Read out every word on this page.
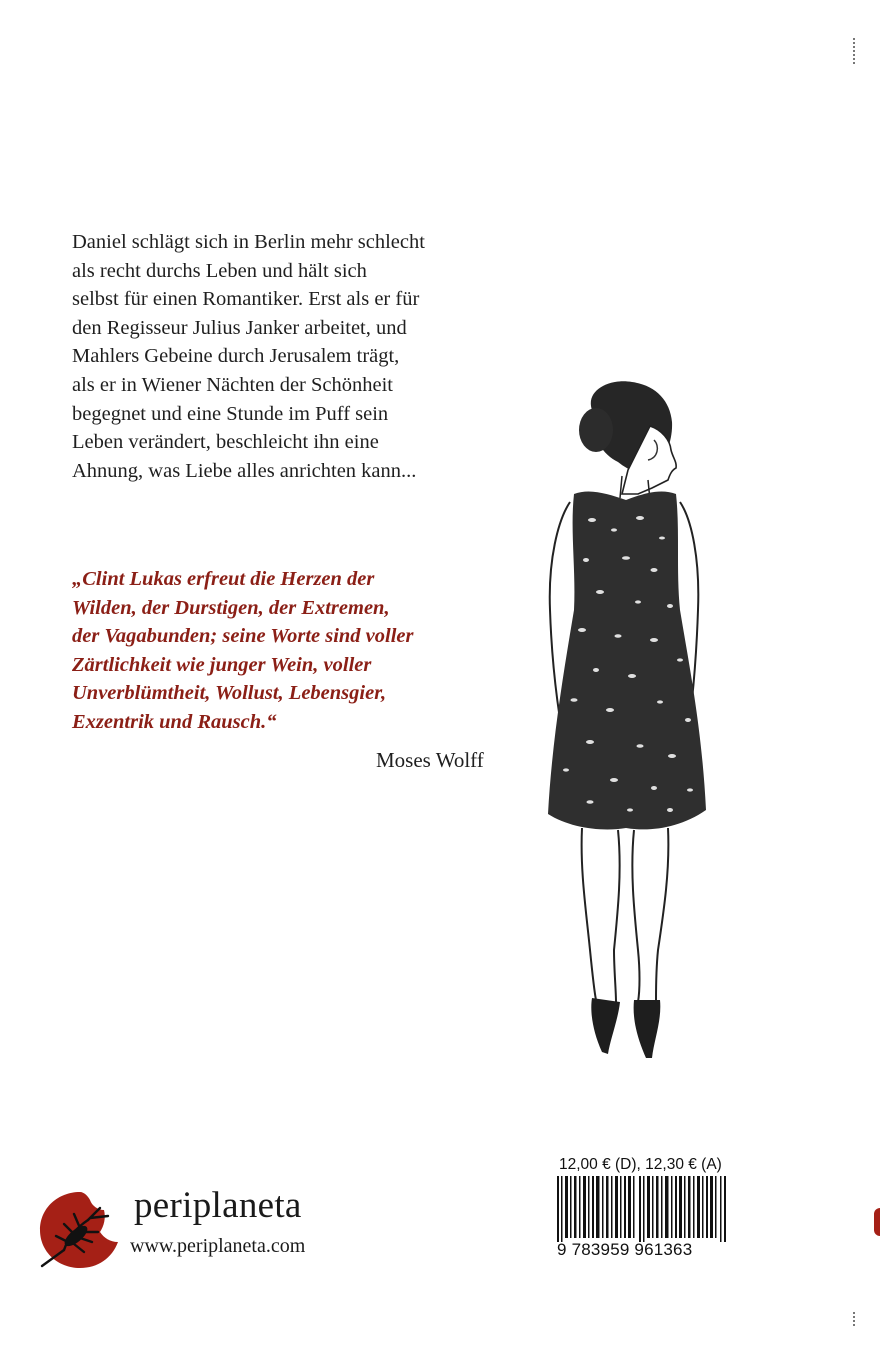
Daniel schlägt sich in Berlin mehr schlecht
als recht durchs Leben und hält sich
selbst für einen Romantiker. Erst als er für
den Regisseur Julius Janker arbeitet, und
Mahlers Gebeine durch Jerusalem trägt,
als er in Wiener Nächten der Schönheit
begegnet und eine Stunde im Puff sein
Leben verändert, beschleicht ihn eine
Ahnung, was Liebe alles anrichten kann...
„Clint Lukas erfreut die Herzen der
Wilden, der Durstigen, der Extremen,
der Vagabunden; seine Worte sind voller
Zärtlichkeit wie junger Wein, voller
Unverblümtheit, Wollust, Lebensgier,
Exzentrik und Rausch.“
Moses Wolff
periplaneta
www.periplaneta.com
12,00 € (D), 12,30 € (A)
9 783959 961363
